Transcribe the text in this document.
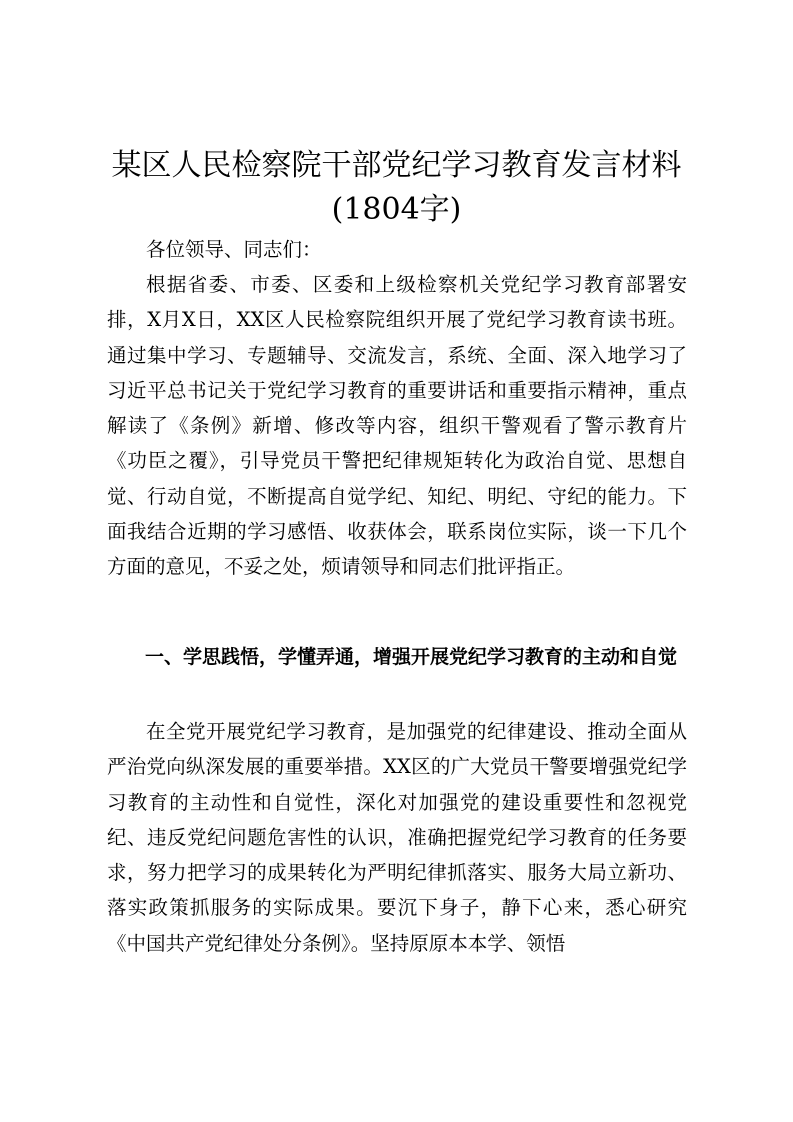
某区人民检察院干部党纪学习教育发言材料
(1804字)

各位领导、同志们：

根据省委、市委、区委和上级检察机关党纪学习教育部署安排，X月X日，XX区人民检察院组织开展了党纪学习教育读书班。通过集中学习、专题辅导、交流发言，系统、全面、深入地学习了习近平总书记关于党纪学习教育的重要讲话和重要指示精神，重点解读了《条例》新增、修改等内容，组织干警观看了警示教育片《功臣之覆》，引导党员干警把纪律规矩转化为政治自觉、思想自觉、行动自觉，不断提高自觉学纪、知纪、明纪、守纪的能力。下面我结合近期的学习感悟、收获体会，联系岗位实际，谈一下几个方面的意见，不妥之处，烦请领导和同志们批评指正。

一、学思践悟，学懂弄通，增强开展党纪学习教育的主动和自觉

在全党开展党纪学习教育，是加强党的纪律建设、推动全面从严治党向纵深发展的重要举措。XX区的广大党员干警要增强党纪学习教育的主动性和自觉性，深化对加强党的建设重要性和忽视党纪、违反党纪问题危害性的认识，准确把握党纪学习教育的任务要求，努力把学习的成果转化为严明纪律抓落实、服务大局立新功、落实政策抓服务的实际成果。要沉下身子，静下心来，悉心研究《中国共产党纪律处分条例》。坚持原原本本学、领悟
